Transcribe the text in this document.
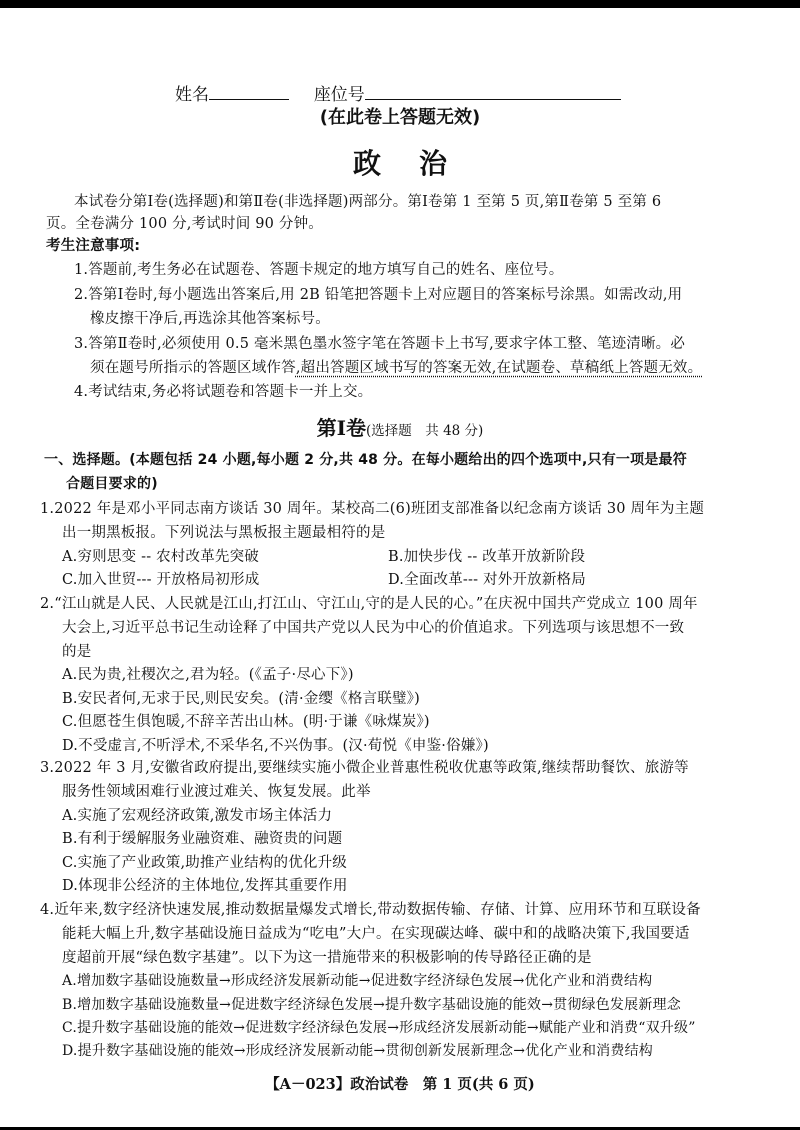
姓名	座位号
(在此卷上答题无效)
政治
本试卷分第Ⅰ卷(选择题)和第Ⅱ卷(非选择题)两部分。第Ⅰ卷第 1 至第 5 页,第Ⅱ卷第 5 至第 6
页。全卷满分 100 分,考试时间 90 分钟。
考生注意事项:
1.答题前,考生务必在试题卷、答题卡规定的地方填写自己的姓名、座位号。
2.答第Ⅰ卷时,每小题选出答案后,用 2B 铅笔把答题卡上对应题目的答案标号涂黑。如需改动,用
橡皮擦干净后,再选涂其他答案标号。
3.答第Ⅱ卷时,必须使用 0.5 毫米黑色墨水签字笔在答题卡上书写,要求字体工整、笔迹清晰。必
须在题号所指示的答题区域作答,超出答题区域书写的答案无效,在试题卷、草稿纸上答题无效。
4.考试结束,务必将试题卷和答题卡一并上交。
第Ⅰ卷(选择题　共 48 分)
一、选择题。(本题包括 24 小题,每小题 2 分,共 48 分。在每小题给出的四个选项中,只有一项是最符
合题目要求的)
1.2022 年是邓小平同志南方谈话 30 周年。某校高二(6)班团支部准备以纪念南方谈话 30 周年为主题
出一期黑板报。下列说法与黑板报主题最相符的是
A.穷则思变 -- 农村改革先突破	B.加快步伐 -- 改革开放新阶段
C.加入世贸--- 开放格局初形成	D.全面改革--- 对外开放新格局
2.“江山就是人民、人民就是江山,打江山、守江山,守的是人民的心。”在庆祝中国共产党成立 100 周年
大会上,习近平总书记生动诠释了中国共产党以人民为中心的价值追求。下列选项与该思想不一致
的是
A.民为贵,社稷次之,君为轻。(《孟子·尽心下》)
B.安民者何,无求于民,则民安矣。(清·金缨《格言联璧》)
C.但愿苍生俱饱暖,不辞辛苦出山林。(明·于谦《咏煤炭》)
D.不受虚言,不听浮术,不采华名,不兴伪事。(汉·荀悦《申鉴·俗嫌》)
3.2022 年 3 月,安徽省政府提出,要继续实施小微企业普惠性税收优惠等政策,继续帮助餐饮、旅游等
服务性领域困难行业渡过难关、恢复发展。此举
A.实施了宏观经济政策,激发市场主体活力
B.有利于缓解服务业融资难、融资贵的问题
C.实施了产业政策,助推产业结构的优化升级
D.体现非公经济的主体地位,发挥其重要作用
4.近年来,数字经济快速发展,推动数据量爆发式增长,带动数据传输、存储、计算、应用环节和互联设备
能耗大幅上升,数字基础设施日益成为“吃电”大户。在实现碳达峰、碳中和的战略决策下,我国要适
度超前开展“绿色数字基建”。以下为这一措施带来的积极影响的传导路径正确的是
A.增加数字基础设施数量→形成经济发展新动能→促进数字经济绿色发展→优化产业和消费结构
B.增加数字基础设施数量→促进数字经济绿色发展→提升数字基础设施的能效→贯彻绿色发展新理念
C.提升数字基础设施的能效→促进数字经济绿色发展→形成经济发展新动能→赋能产业和消费“双升级”
D.提升数字基础设施的能效→形成经济发展新动能→贯彻创新发展新理念→优化产业和消费结构
【A－023】政治试卷　第 1 页(共 6 页)
